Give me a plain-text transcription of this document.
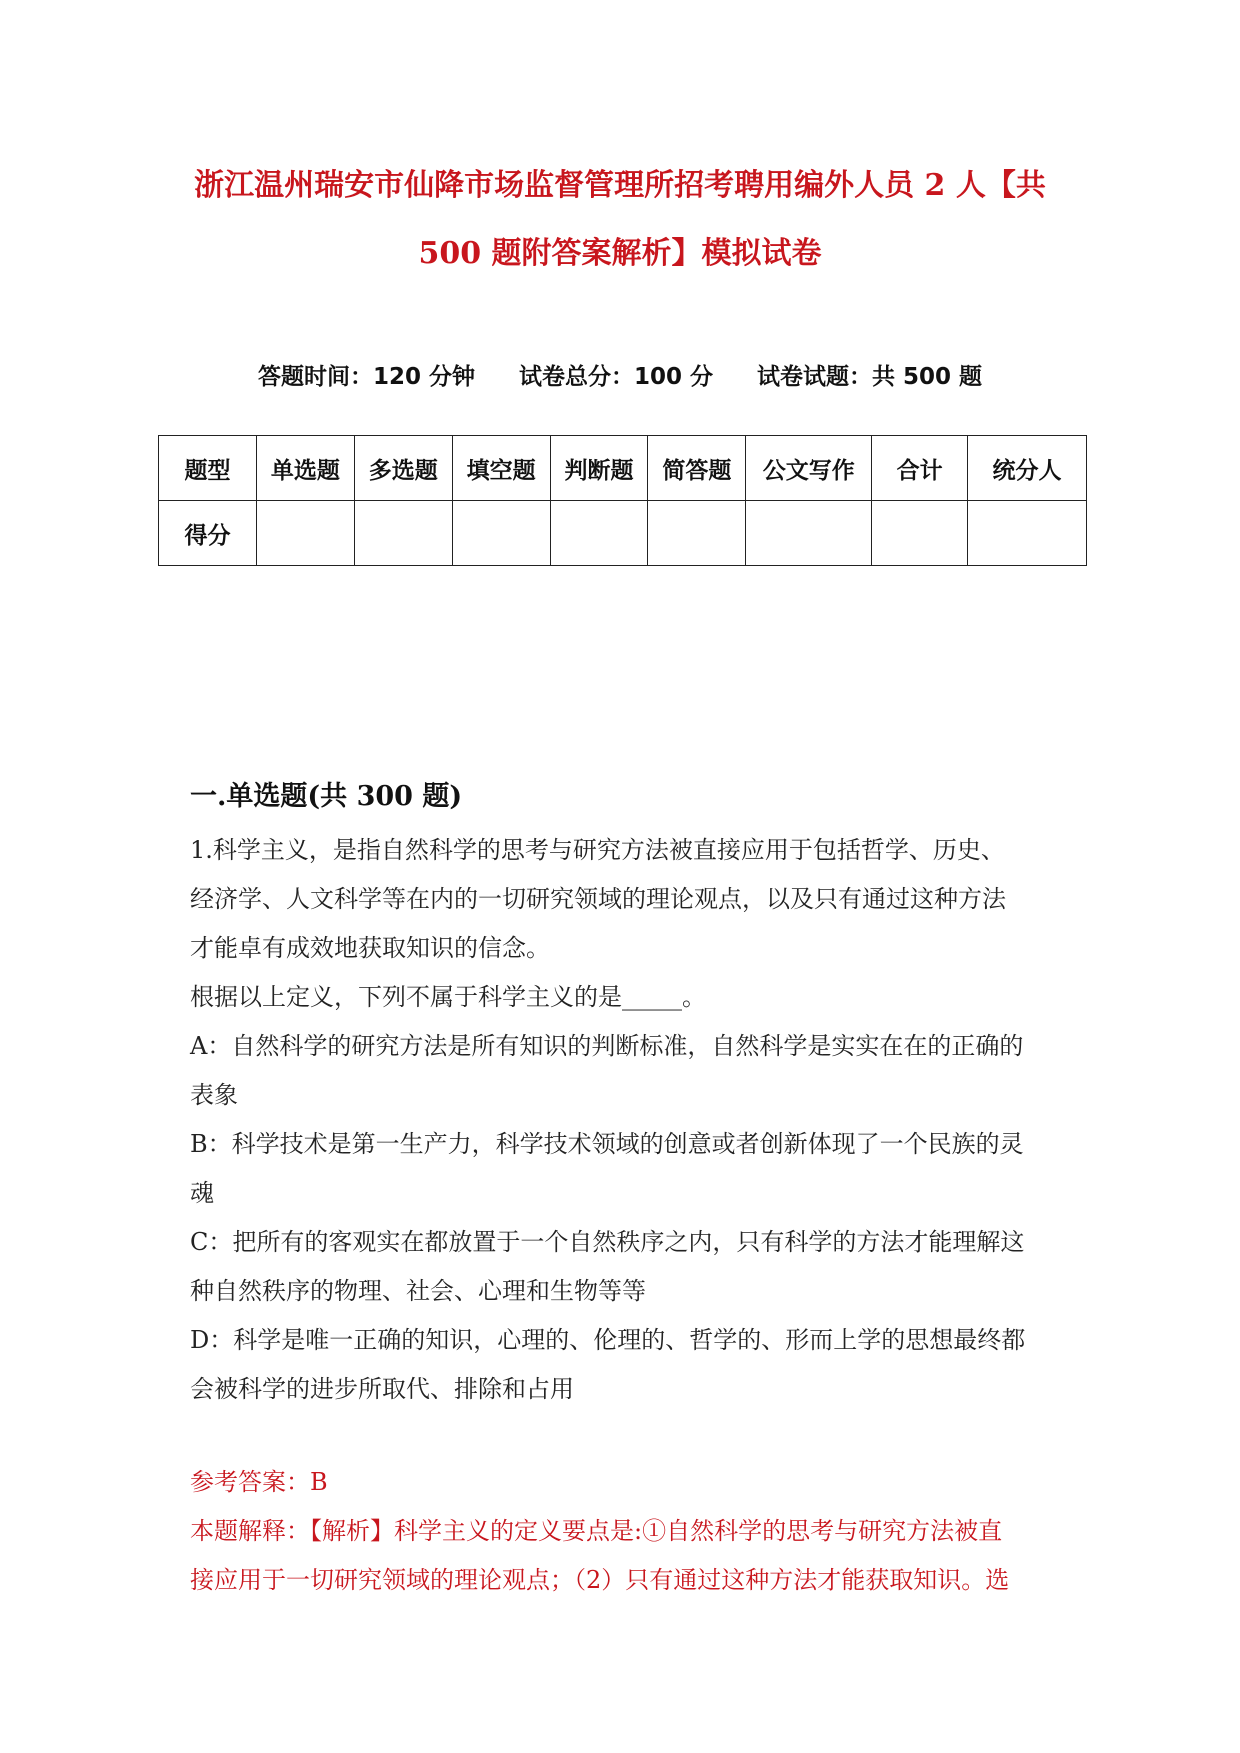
浙江温州瑞安市仙降市场监督管理所招考聘用编外人员 2 人【共
500 题附答案解析】模拟试卷
答题时间：120 分钟 试卷总分：100 分 试卷试题：共 500 题
题型	单选题	多选题	填空题	判断题	简答题	公文写作	合计	统分人
得分								
一.单选题(共 300 题)
1.科学主义，是指自然科学的思考与研究方法被直接应用于包括哲学、历史、
经济学、人文科学等在内的一切研究领域的理论观点，以及只有通过这种方法
才能卓有成效地获取知识的信念。
根据以上定义，下列不属于科学主义的是_____。
A：自然科学的研究方法是所有知识的判断标准，自然科学是实实在在的正确的
表象
B：科学技术是第一生产力，科学技术领域的创意或者创新体现了一个民族的灵
魂
C：把所有的客观实在都放置于一个自然秩序之内，只有科学的方法才能理解这
种自然秩序的物理、社会、心理和生物等等
D：科学是唯一正确的知识，心理的、伦理的、哲学的、形而上学的思想最终都
会被科学的进步所取代、排除和占用
参考答案：B
本题解释：【解析】科学主义的定义要点是:①自然科学的思考与研究方法被直
接应用于一切研究领域的理论观点；（2）只有通过这种方法才能获取知识。选
